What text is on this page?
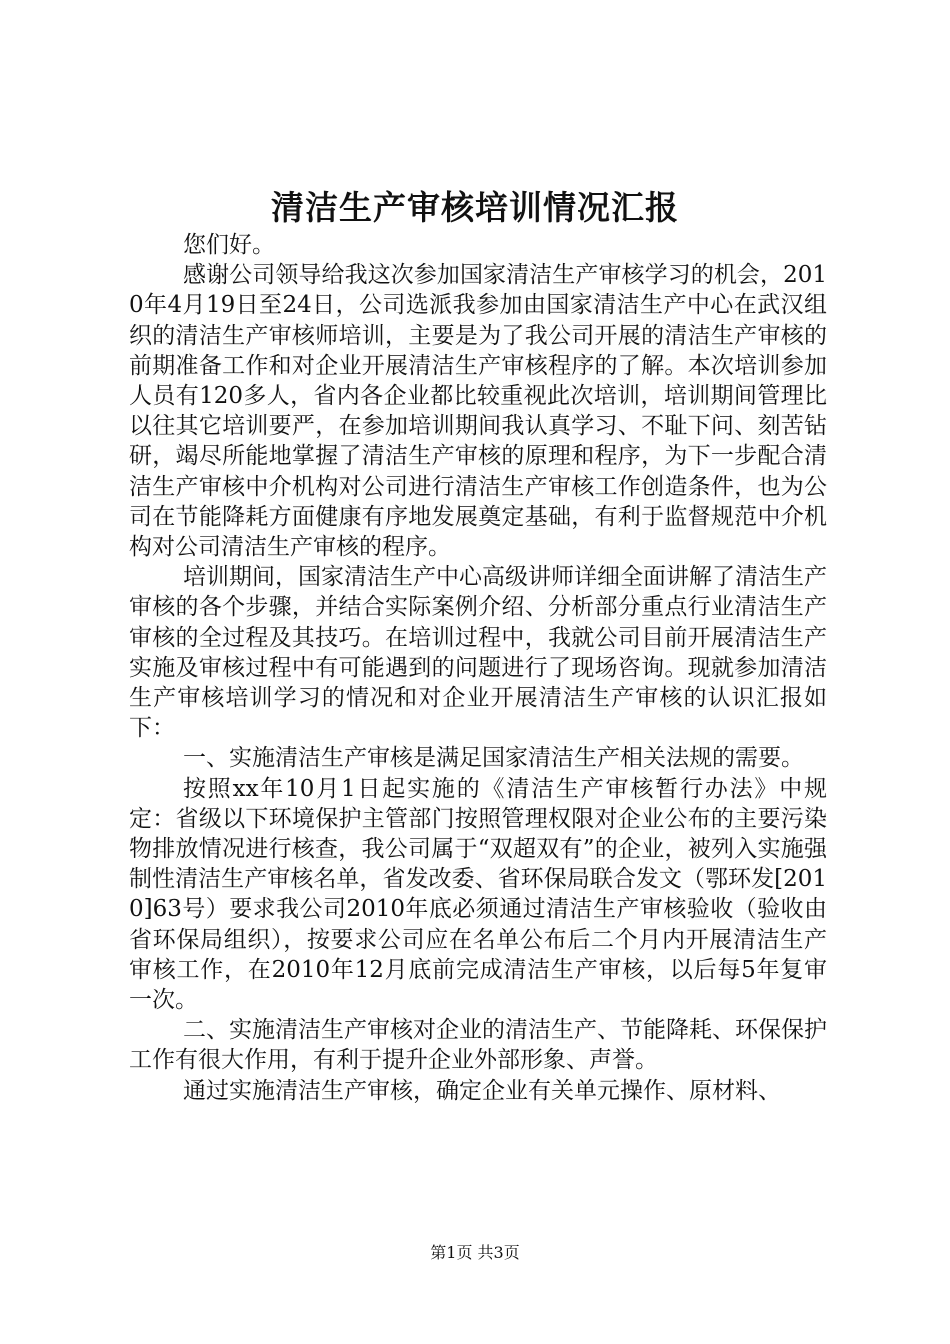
清洁生产审核培训情况汇报

您们好。

感谢公司领导给我这次参加国家清洁生产审核学习的机会，2010年4月19日至24日，公司选派我参加由国家清洁生产中心在武汉组织的清洁生产审核师培训，主要是为了我公司开展的清洁生产审核的前期准备工作和对企业开展清洁生产审核程序的了解。本次培训参加人员有120多人，省内各企业都比较重视此次培训，培训期间管理比以往其它培训要严，在参加培训期间我认真学习、不耻下问、刻苦钻研，竭尽所能地掌握了清洁生产审核的原理和程序，为下一步配合清洁生产审核中介机构对公司进行清洁生产审核工作创造条件，也为公司在节能降耗方面健康有序地发展奠定基础，有利于监督规范中介机构对公司清洁生产审核的程序。

培训期间，国家清洁生产中心高级讲师详细全面讲解了清洁生产审核的各个步骤，并结合实际案例介绍、分析部分重点行业清洁生产审核的全过程及其技巧。在培训过程中，我就公司目前开展清洁生产实施及审核过程中有可能遇到的问题进行了现场咨询。现就参加清洁生产审核培训学习的情况和对企业开展清洁生产审核的认识汇报如下：

一、实施清洁生产审核是满足国家清洁生产相关法规的需要。

按照xx年10月1日起实施的《清洁生产审核暂行办法》中规定：省级以下环境保护主管部门按照管理权限对企业公布的主要污染物排放情况进行核查，我公司属于“双超双有”的企业，被列入实施强制性清洁生产审核名单，省发改委、省环保局联合发文（鄂环发[2010]63号）要求我公司2010年底必须通过清洁生产审核验收（验收由省环保局组织），按要求公司应在名单公布后二个月内开展清洁生产审核工作，在2010年12月底前完成清洁生产审核，以后每5年复审一次。

二、实施清洁生产审核对企业的清洁生产、节能降耗、环保保护工作有很大作用，有利于提升企业外部形象、声誉。

通过实施清洁生产审核，确定企业有关单元操作、原材料、

第1页 共3页
